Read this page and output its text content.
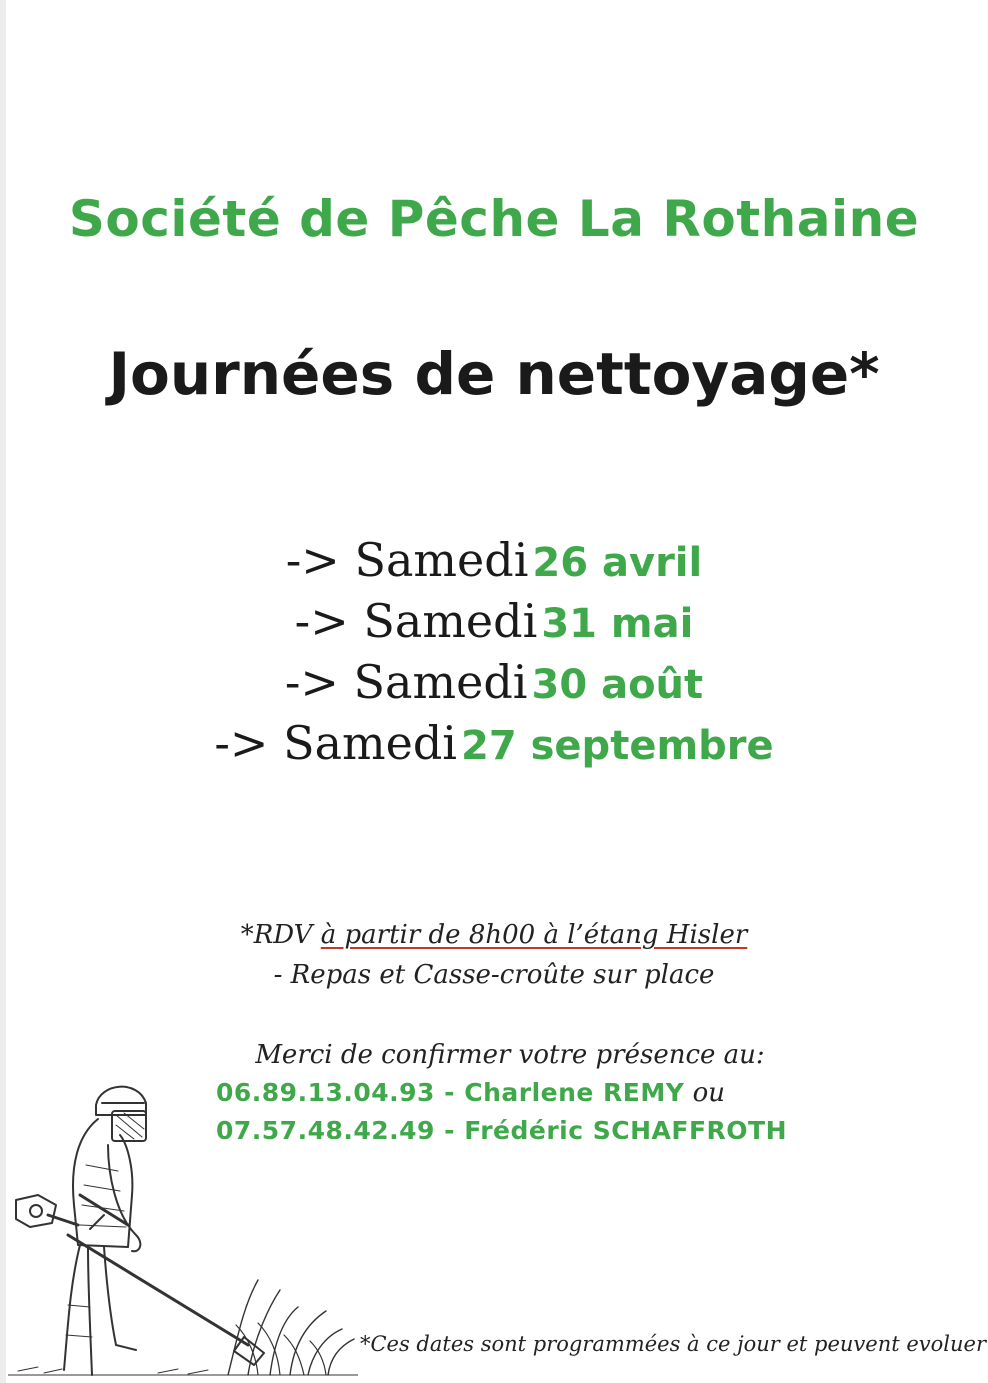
Société de Pêche La Rothaine
Journées de nettoyage*
-> Samedi 26 avril
-> Samedi 31 mai
-> Samedi 30 août
-> Samedi 27 septembre
*RDV à partir de 8h00 à l’étang Hisler
- Repas et Casse-croûte sur place
Merci de confirmer votre présence au:
06.89.13.04.93 - Charlene REMY ou
07.57.48.42.49 - Frédéric SCHAFFROTH
*Ces dates sont programmées à ce jour et peuvent evoluer
